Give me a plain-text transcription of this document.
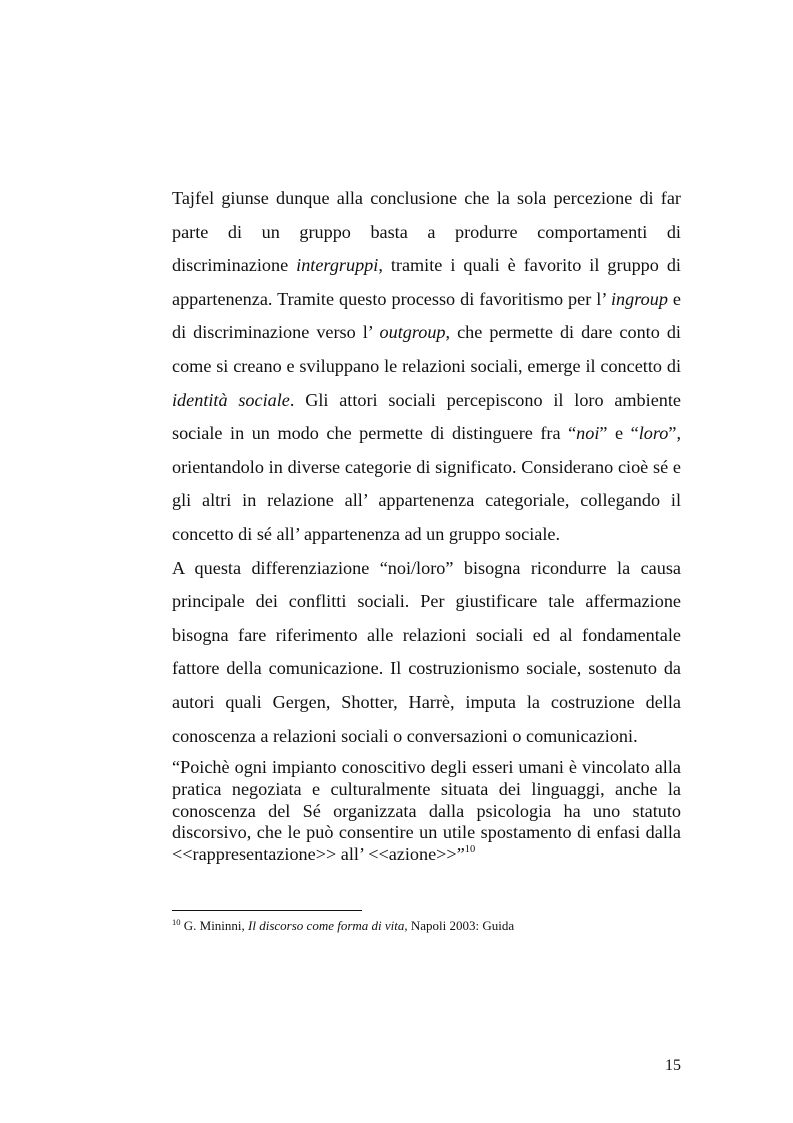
Tajfel giunse dunque alla conclusione che la sola percezione di far parte di un gruppo basta a produrre comportamenti di discriminazione intergruppi, tramite i quali è favorito il gruppo di appartenenza. Tramite questo processo di favoritismo per l’ ingroup e di discriminazione verso l’ outgroup, che permette di dare conto di come si creano e sviluppano le relazioni sociali, emerge il concetto di identità sociale. Gli attori sociali percepiscono il loro ambiente sociale in un modo che permette di distinguere fra “noi” e “loro”, orientandolo in diverse categorie di significato. Considerano cioè sé e gli altri in relazione all’ appartenenza categoriale, collegando il concetto di sé all’ appartenenza ad un gruppo sociale.

A questa differenziazione “noi/loro” bisogna ricondurre la causa principale dei conflitti sociali. Per giustificare tale affermazione bisogna fare riferimento alle relazioni sociali ed al fondamentale fattore della comunicazione. Il costruzionismo sociale, sostenuto da autori quali Gergen, Shotter, Harrè, imputa la costruzione della conoscenza a relazioni sociali o conversazioni o comunicazioni.

“Poichè ogni impianto conoscitivo degli esseri umani è vincolato alla pratica negoziata e culturalmente situata dei linguaggi, anche la conoscenza del Sé organizzata dalla psicologia ha uno statuto discorsivo, che le può consentire un utile spostamento di enfasi dalla <<rappresentazione>> all’ <<azione>>”$^{10}$

$^{10}$ G. Mininni, Il discorso come forma di vita, Napoli 2003: Guida
15
